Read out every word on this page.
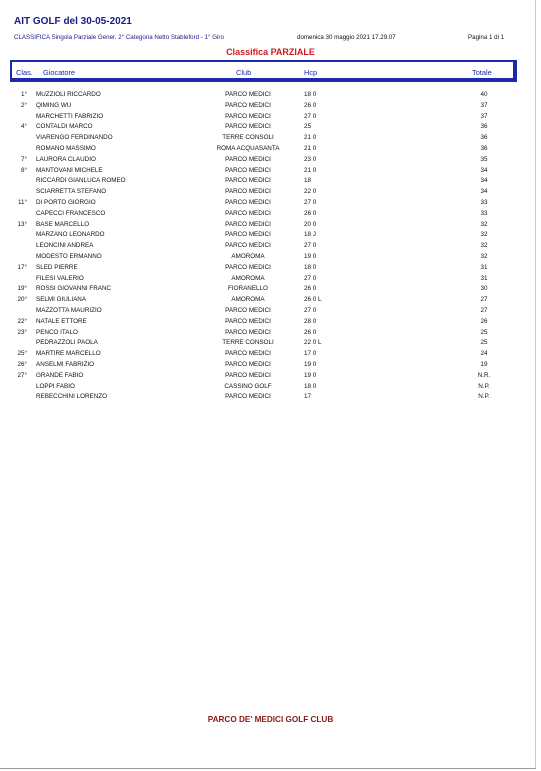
AIT GOLF del 30-05-2021
CLASSIFICA Singola Parziale Gener. 2° Categoria Netto Stableford - 1° Giro	domenica 30 maggio 2021 17.29.07	Pagina 1 di 1
Classifica PARZIALE
Clas. Giocatore	Club	Hcp	Totale
1° MUZZIOLI RICCARDO	PARCO MEDICI	18 0	40
2° QIMING WU	PARCO MEDICI	26 0	37
MARCHETTI FABRIZIO	PARCO MEDICI	27 0	37
4° CONTALDI MARCO	PARCO MEDICI	25	36
VIARENGO FERDINANDO	TERRE CONSOLI	21 0	36
ROMANO MASSIMO	ROMA ACQUASANTA	21 0	36
7° LAURORA CLAUDIO	PARCO MEDICI	23 0	35
8° MANTOVANI MICHELE	PARCO MEDICI	21 0	34
RICCARDI GIANLUCA ROMEO	PARCO MEDICI	18	34
SCIARRETTA STEFANO	PARCO MEDICI	22 0	34
11° DI PORTO GIORGIO	PARCO MEDICI	27 0	33
CAPECCI FRANCESCO	PARCO MEDICI	26 0	33
13° BASE MARCELLO	PARCO MEDICI	20 0	32
MARZANO LEONARDO	PARCO MEDICI	18 J	32
LEONCINI ANDREA	PARCO MEDICI	27 0	32
MODESTO ERMANNO	AMOROMA	19 0	32
17° SLED PIERRE	PARCO MEDICI	18 0	31
FILESI VALERIO	AMOROMA	27 0	31
19° ROSSI GIOVANNI FRANC	FIORANELLO	26 0	30
20° SELMI GIULIANA	AMOROMA	26 0 L	27
MAZZOTTA MAURIZIO	PARCO MEDICI	27 0	27
22° NATALE ETTORE	PARCO MEDICI	28 0	26
23° PENCO ITALO	PARCO MEDICI	26 0	25
PEDRAZZOLI PAOLA	TERRE CONSOLI	22 0 L	25
25° MARTIRE MARCELLO	PARCO MEDICI	17 0	24
26° ANSELMI FABRIZIO	PARCO MEDICI	19 0	19
27° GRANDE FABIO	PARCO MEDICI	19 0	N.R.
LOPPI FABIO	CASSINO GOLF	18 0	N.P.
REBECCHINI LORENZO	PARCO MEDICI	17	N.P.
PARCO DE' MEDICI GOLF CLUB
